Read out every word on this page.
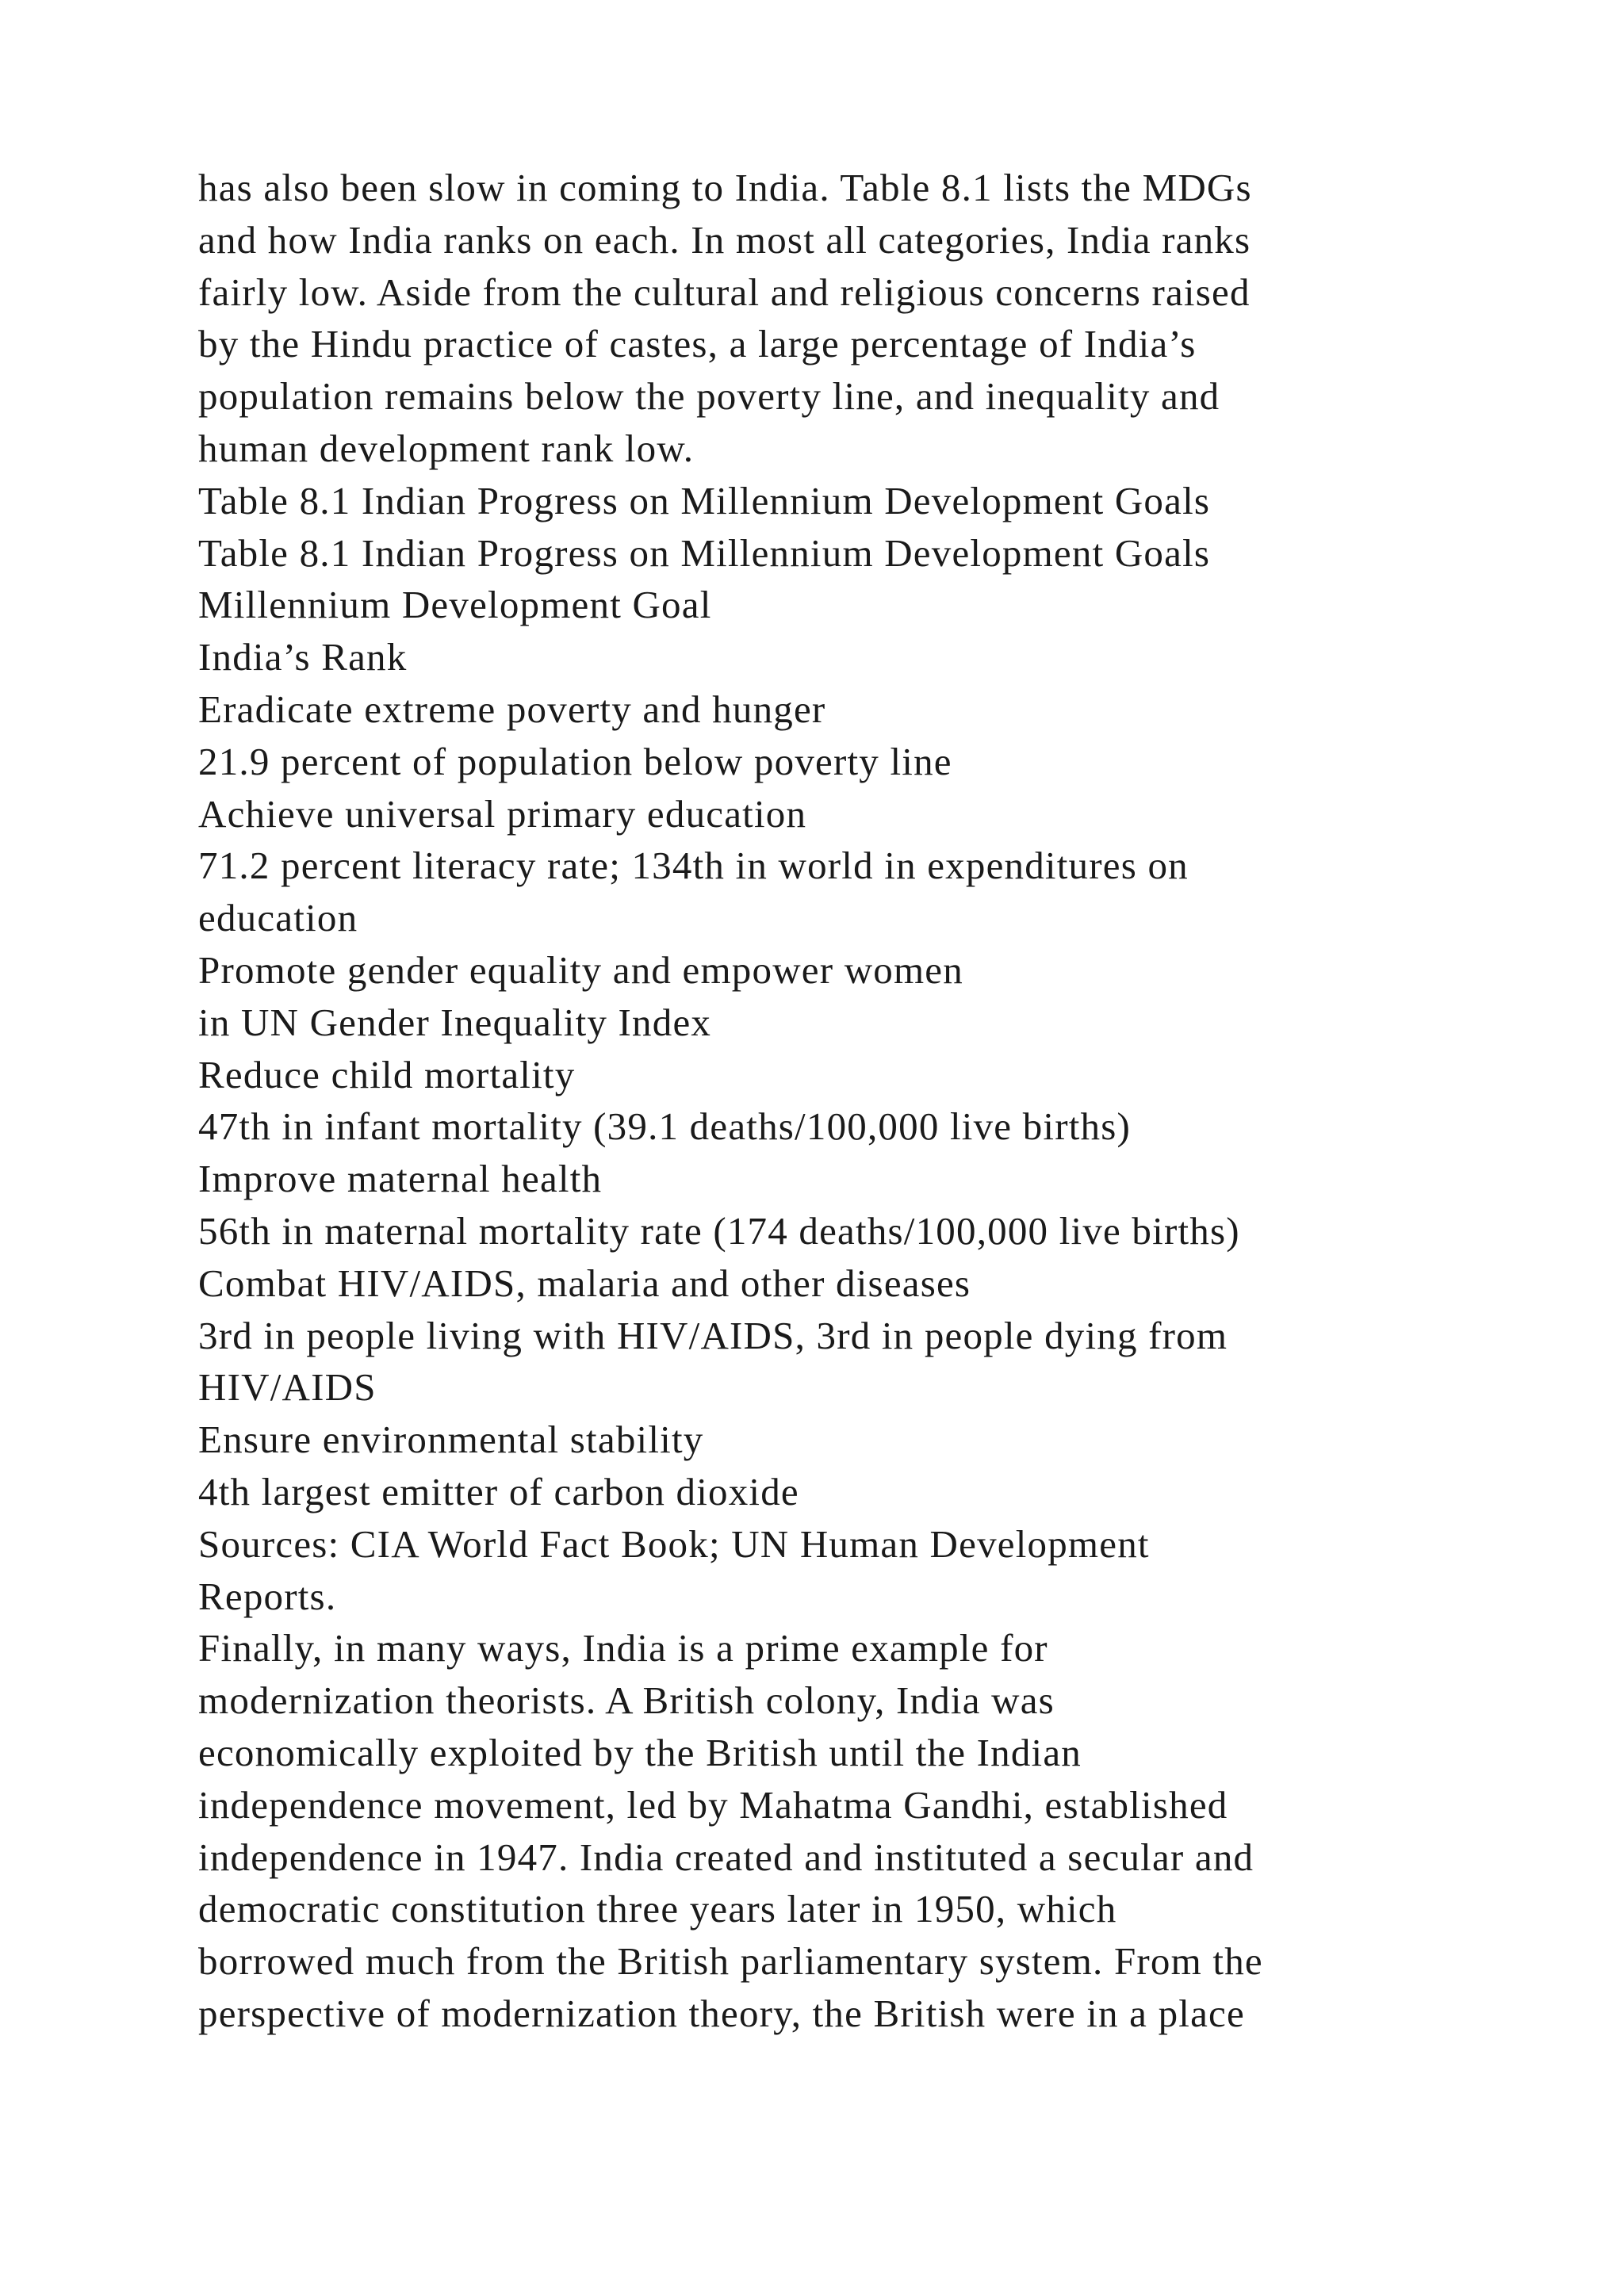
has also been slow in coming to India. Table 8.1 lists the MDGs
and how India ranks on each. In most all categories, India ranks
fairly low. Aside from the cultural and religious concerns raised
by the Hindu practice of castes, a large percentage of India’s
population remains below the poverty line, and inequality and
human development rank low.
Table 8.1 Indian Progress on Millennium Development Goals
Table 8.1 Indian Progress on Millennium Development Goals
Millennium Development Goal
India’s Rank
Eradicate extreme poverty and hunger
21.9 percent of population below poverty line
Achieve universal primary education
71.2 percent literacy rate; 134th in world in expenditures on
education
Promote gender equality and empower women
in UN Gender Inequality Index
Reduce child mortality
47th in infant mortality (39.1 deaths/100,000 live births)
Improve maternal health
56th in maternal mortality rate (174 deaths/100,000 live births)
Combat HIV/AIDS, malaria and other diseases
3rd in people living with HIV/AIDS, 3rd in people dying from
HIV/AIDS
Ensure environmental stability
4th largest emitter of carbon dioxide
Sources: CIA World Fact Book; UN Human Development
Reports.
Finally, in many ways, India is a prime example for
modernization theorists. A British colony, India was
economically exploited by the British until the Indian
independence movement, led by Mahatma Gandhi, established
independence in 1947. India created and instituted a secular and
democratic constitution three years later in 1950, which
borrowed much from the British parliamentary system. From the
perspective of modernization theory, the British were in a place
